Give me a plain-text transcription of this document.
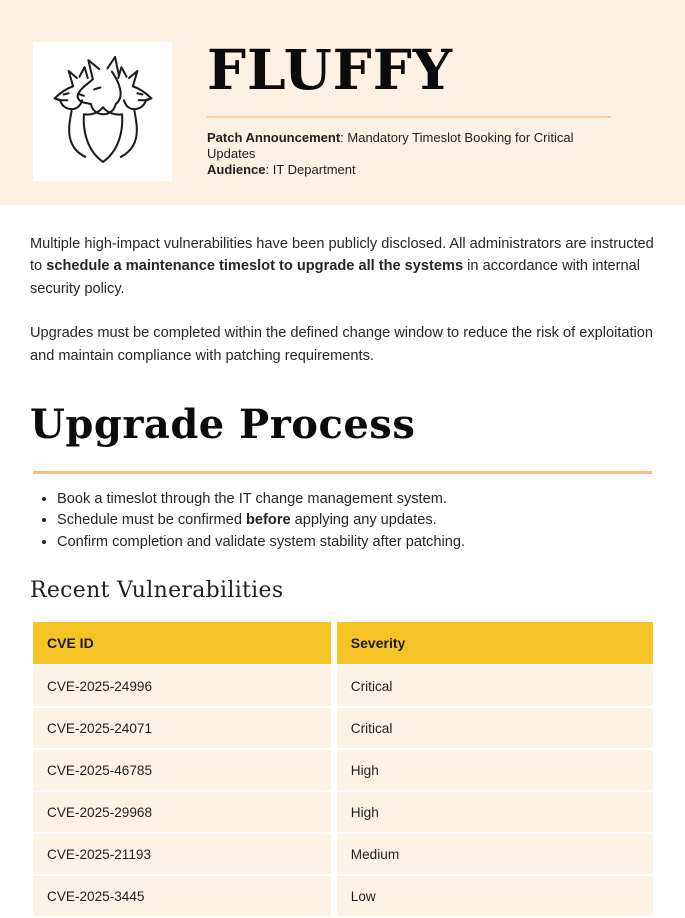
FLUFFY

Patch Announcement: Mandatory Timeslot Booking for Critical Updates
Audience: IT Department

Multiple high-impact vulnerabilities have been publicly disclosed. All administrators are instructed to schedule a maintenance timeslot to upgrade all the systems in accordance with internal security policy.

Upgrades must be completed within the defined change window to reduce the risk of exploitation and maintain compliance with patching requirements.

Upgrade Process
• Book a timeslot through the IT change management system.
• Schedule must be confirmed before applying any updates.
• Confirm completion and validate system stability after patching.
Recent Vulnerabilities
CVE ID	Severity
CVE-2025-24996	Critical
CVE-2025-24071	Critical
CVE-2025-46785	High
CVE-2025-29968	High
CVE-2025-21193	Medium
CVE-2025-3445	Low
